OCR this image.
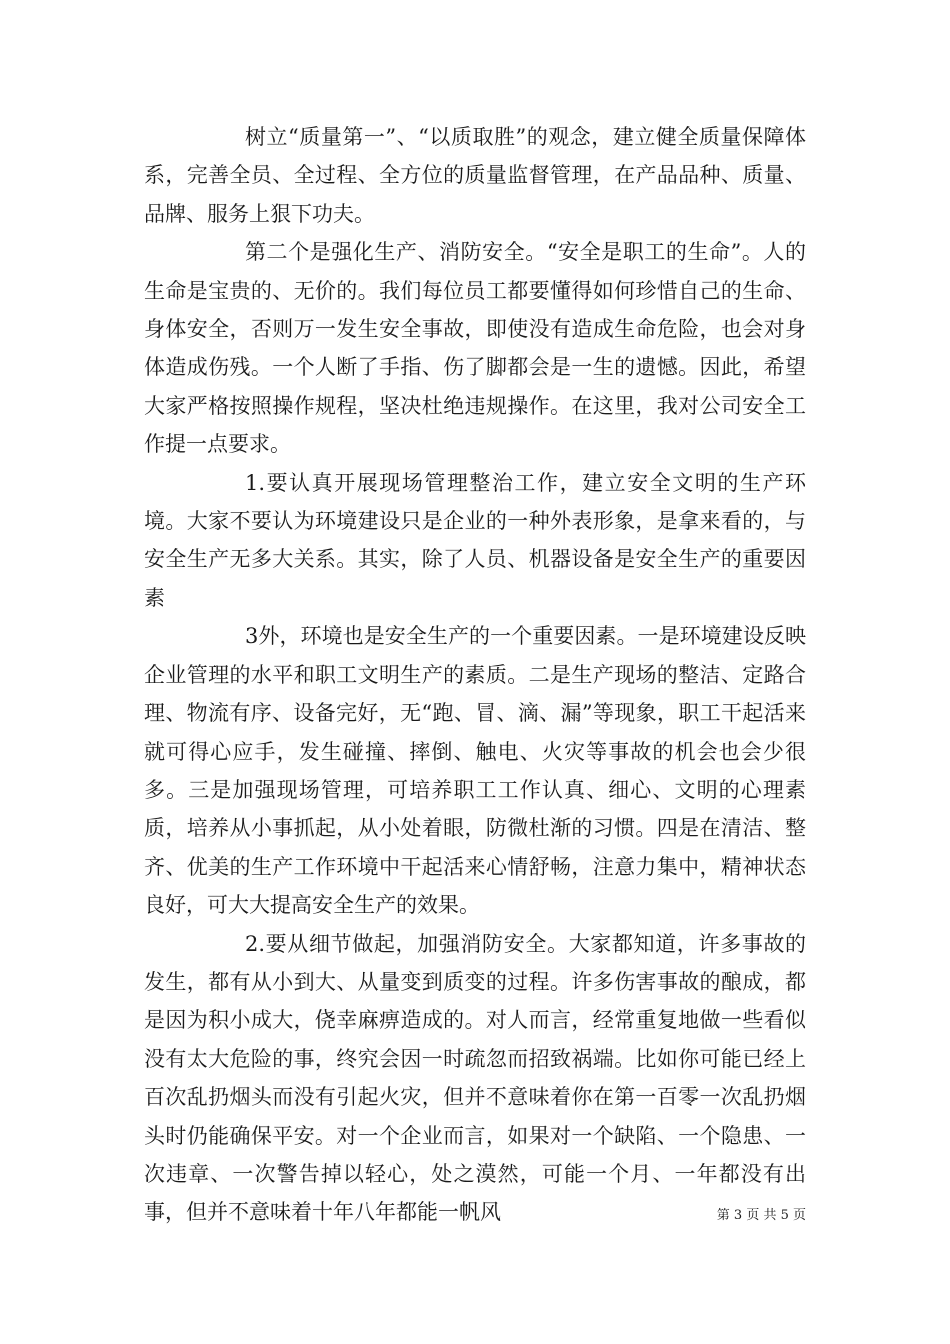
树立“质量第一”、“以质取胜”的观念，建立健全质量保障体系，完善全员、全过程、全方位的质量监督管理，在产品品种、质量、品牌、服务上狠下功夫。

第二个是强化生产、消防安全。“安全是职工的生命”。人的生命是宝贵的、无价的。我们每位员工都要懂得如何珍惜自己的生命、身体安全，否则万一发生安全事故，即使没有造成生命危险，也会对身体造成伤残。一个人断了手指、伤了脚都会是一生的遗憾。因此，希望大家严格按照操作规程，坚决杜绝违规操作。在这里，我对公司安全工作提一点要求。

1.要认真开展现场管理整治工作，建立安全文明的生产环境。大家不要认为环境建设只是企业的一种外表形象，是拿来看的，与安全生产无多大关系。其实，除了人员、机器设备是安全生产的重要因素

3外，环境也是安全生产的一个重要因素。一是环境建设反映企业管理的水平和职工文明生产的素质。二是生产现场的整洁、定路合理、物流有序、设备完好，无“跑、冒、滴、漏”等现象，职工干起活来就可得心应手，发生碰撞、摔倒、触电、火灾等事故的机会也会少很多。三是加强现场管理，可培养职工工作认真、细心、文明的心理素质，培养从小事抓起，从小处着眼，防微杜渐的习惯。四是在清洁、整齐、优美的生产工作环境中干起活来心情舒畅，注意力集中，精神状态良好，可大大提高安全生产的效果。

2.要从细节做起，加强消防安全。大家都知道，许多事故的发生，都有从小到大、从量变到质变的过程。许多伤害事故的酿成，都是因为积小成大，侥幸麻痹造成的。对人而言，经常重复地做一些看似没有太大危险的事，终究会因一时疏忽而招致祸端。比如你可能已经上百次乱扔烟头而没有引起火灾，但并不意味着你在第一百零一次乱扔烟头时仍能确保平安。对一个企业而言，如果对一个缺陷、一个隐患、一次违章、一次警告掉以轻心，处之漠然，可能一个月、一年都没有出事，但并不意味着十年八年都能一帆风	第 3 页 共 5 页
